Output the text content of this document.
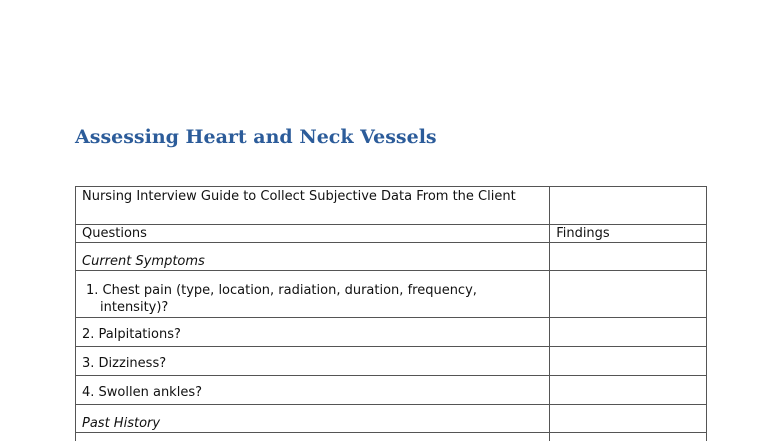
Assessing Heart and Neck Vessels
Nursing Interview Guide to Collect Subjective Data From the Client	
Questions	Findings
Current Symptoms	

1. Chest pain (type, location, radiation, duration, frequency,
intensity)?	

2. Palpitations?	

3. Dizziness?	

4. Swollen ankles?	

Past History	
